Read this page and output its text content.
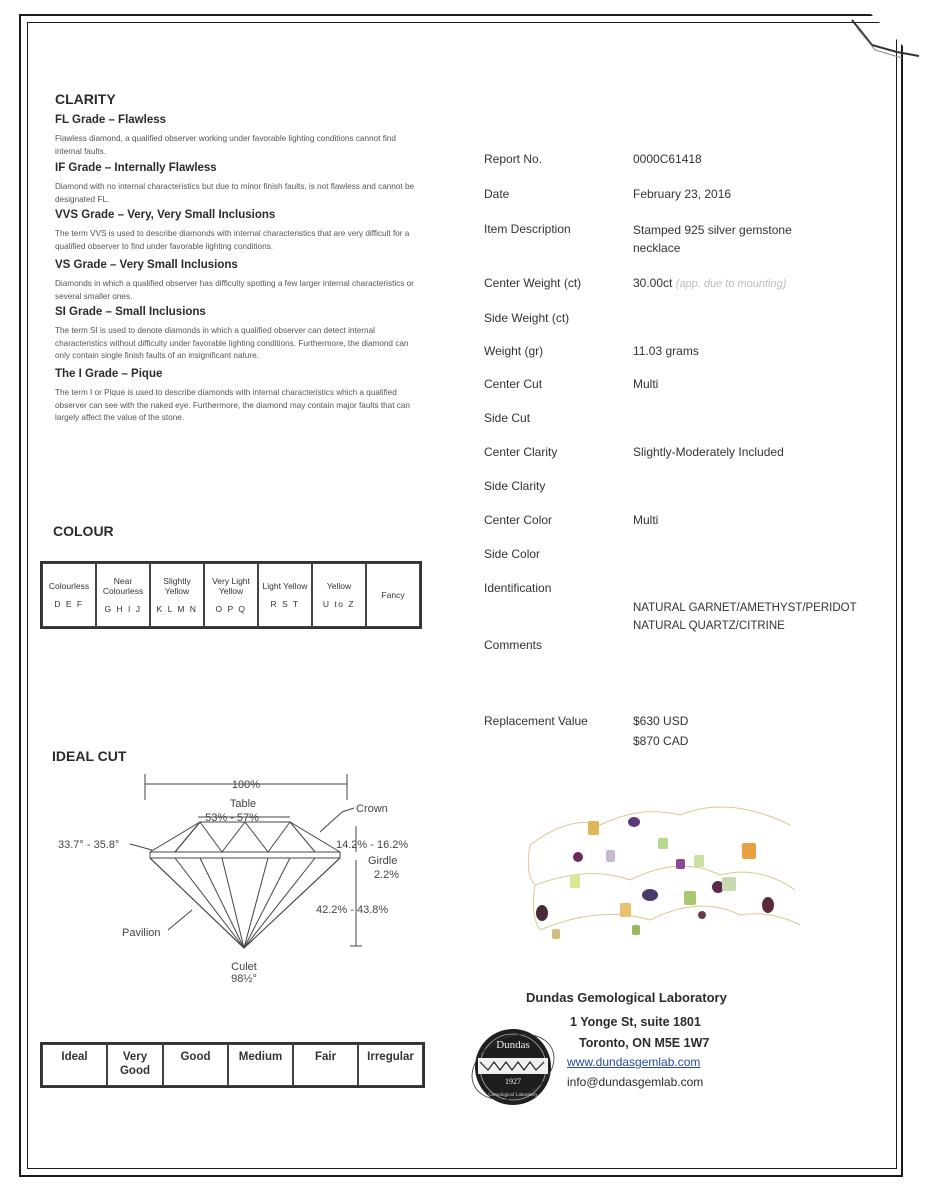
CLARITY
FL Grade – Flawless
Flawless diamond, a qualified observer working under favorable lighting conditions cannot find internal faults.
IF Grade – Internally Flawless
Diamond with no internal characteristics but due to minor finish faults, is not flawless and cannot be designated FL.
VVS Grade – Very, Very Small Inclusions
The term VVS is used to describe diamonds with internal characteristics that are very difficult for a qualified observer to find under favorable lighting conditions.
VS Grade – Very Small Inclusions
Diamonds in which a qualified observer has difficulty spotting a few larger internal characteristics or several smaller ones.
SI Grade – Small Inclusions
The term SI is used to denote diamonds in which a qualified observer can detect internal characteristics without difficulty under favorable lighting conditions. Furthermore, the diamond can only contain single finish faults of an insignificant nature.
The I Grade – Pique
The term I or Pique is used to describe diamonds with internal characteristics which a qualified observer can see with the naked eye. Furthermore, the diamond may contain major faults that can largely affect the value of the stone.
COLOUR
Colourless
D E F
	Near Colourless
G H I J
	Slightly Yellow
K L M N
	Very Light Yellow
O P Q
	Light Yellow
R S T
	Yellow
U to Z
	Fancy
IDEAL CUT
100%
Table
53% - 57%
Crown
33.7° - 35.8°	14.2% - 16.2%
Girdle
2.2%
42.2% - 43.8%
Pavilion
Culet
98½°
Ideal	Very Good	Good	Medium	Fair	Irregular
Report No.	0000C61418
Date	February 23, 2016
Item Description	Stamped 925 silver gemstone necklace
Center Weight (ct)	30.00ct (app. due to mounting)
Side Weight (ct)
Weight (gr)	11.03 grams
Center Cut	Multi
Side Cut
Center Clarity	Slightly-Moderately Included
Side Clarity
Center Color	Multi
Side Color
Identification
NATURAL GARNET/AMETHYST/PERIDOT NATURAL QUARTZ/CITRINE
Comments
Replacement Value	$630 USD
$870 CAD
Dundas Gemological Laboratory
1 Yonge St, suite 1801
Toronto, ON M5E 1W7
www.dundasgemlab.com
info@dundasgemlab.com
Dundas
1927
Gemological Laboratory
